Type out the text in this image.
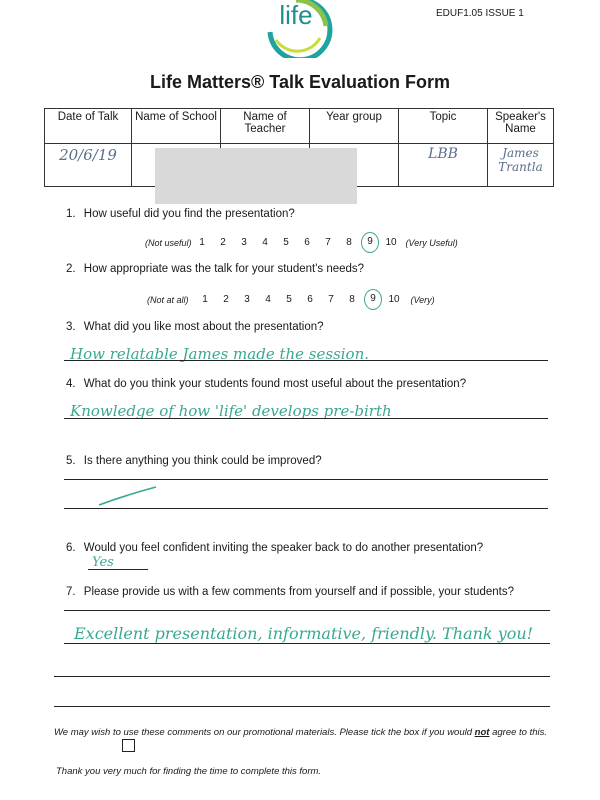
life	EDUF1.05 ISSUE 1
Life Matters® Talk Evaluation Form
Date of Talk	Name of School	Name of Teacher	Year group	Topic	Speaker's Name
20/6/19				LBB	James Trantla
1. How useful did you find the presentation?
(Not useful) 1	2	3	4	5	6	7	8	9	10 (Very Useful)
2. How appropriate was the talk for your student's needs?
(Not at all)	1	2	3	4	5	6	7	8	9	10	(Very)
3. What did you like most about the presentation?
How relatable James made the session.
4. What do you think your students found most useful about the presentation?
Knowledge of how 'life' develops pre-birth
5. Is there anything you think could be improved?
6. Would you feel confident inviting the speaker back to do another presentation?
Yes
7. Please provide us with a few comments from yourself and if possible, your students?
Excellent presentation, informative, friendly. Thank you!
We may wish to use these comments on our promotional materials. Please tick the box if you would not agree to this.
Thank you very much for finding the time to complete this form.
